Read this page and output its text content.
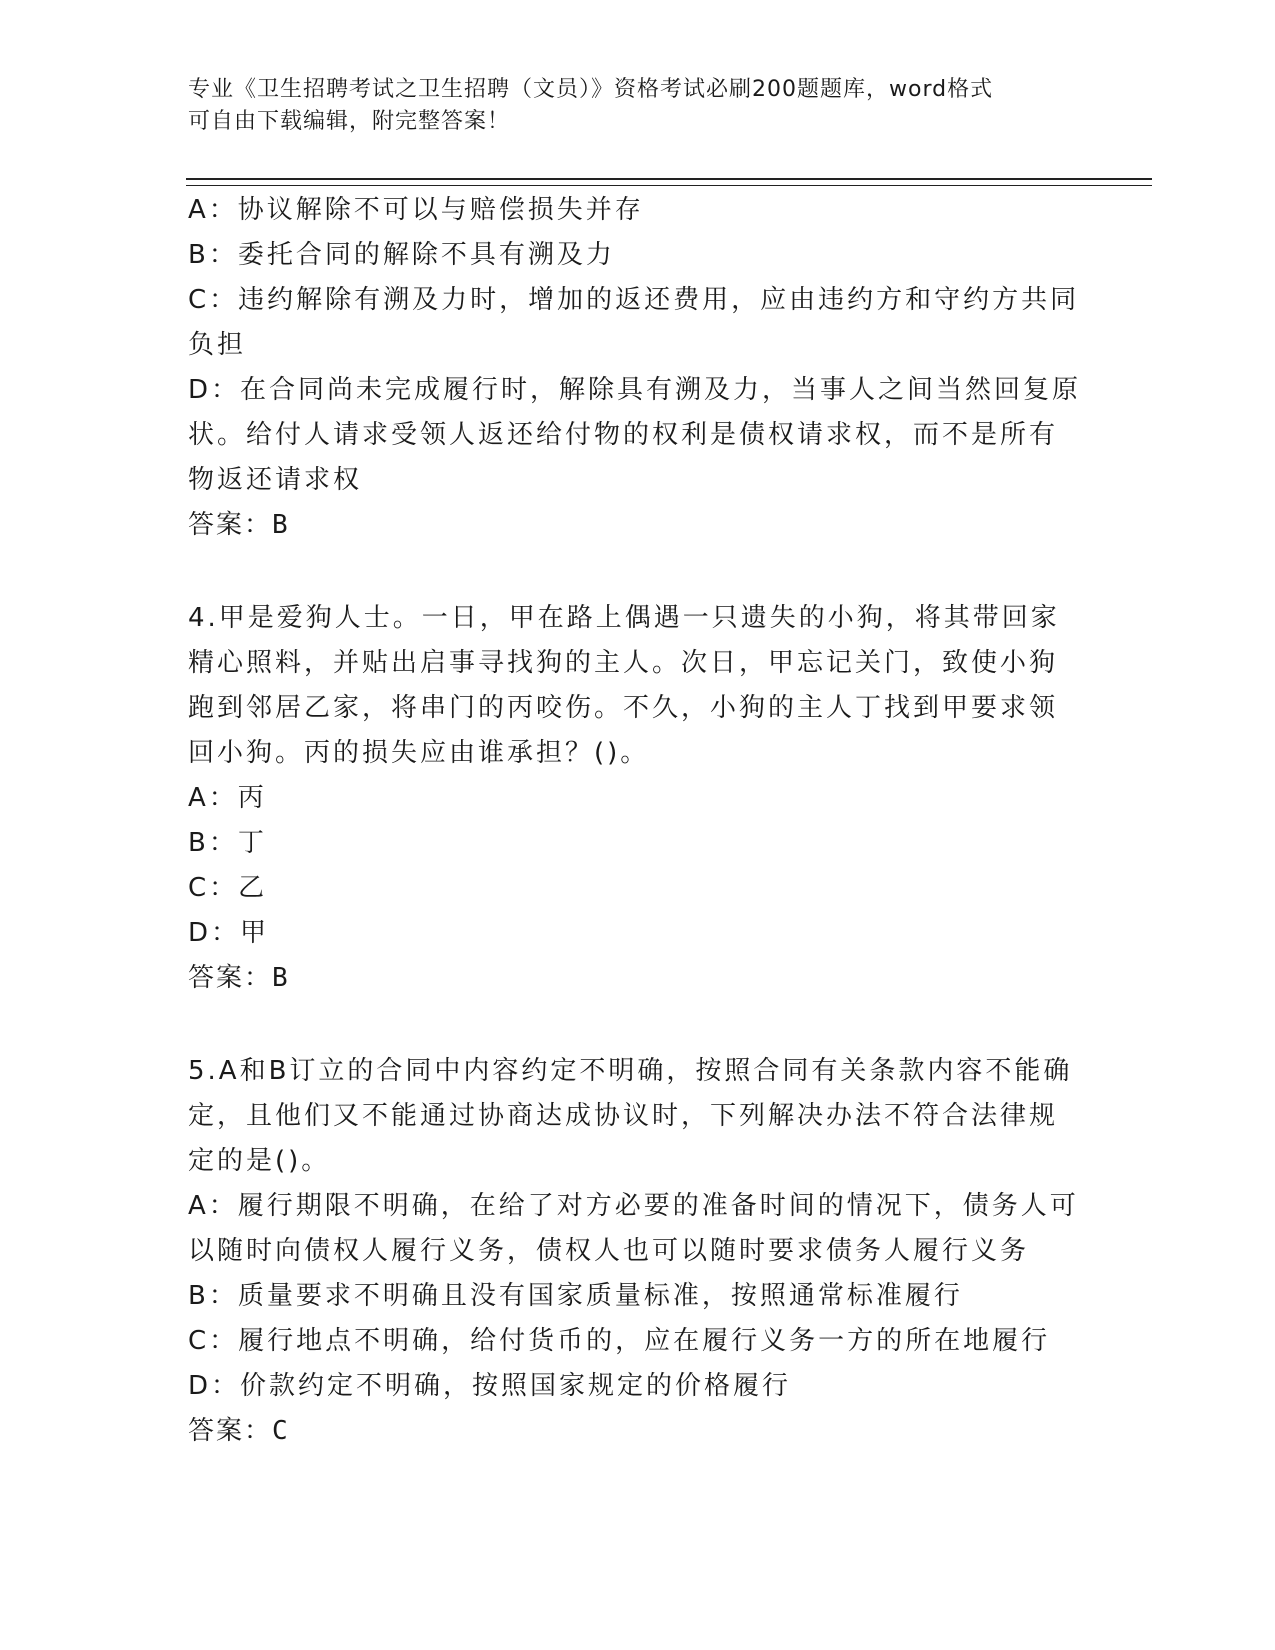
专业《卫生招聘考试之卫生招聘（文员）》资格考试必刷200题题库，word格式
可自由下载编辑，附完整答案！
A：协议解除不可以与赔偿损失并存
B：委托合同的解除不具有溯及力
C：违约解除有溯及力时，增加的返还费用，应由违约方和守约方共同
负担
D：在合同尚未完成履行时，解除具有溯及力，当事人之间当然回复原
状。给付人请求受领人返还给付物的权利是债权请求权，而不是所有
物返还请求权
答案：B
4.甲是爱狗人士。一日，甲在路上偶遇一只遗失的小狗，将其带回家
精心照料，并贴出启事寻找狗的主人。次日，甲忘记关门，致使小狗
跑到邻居乙家，将串门的丙咬伤。不久，小狗的主人丁找到甲要求领
回小狗。丙的损失应由谁承担？()。
A：丙
B：丁
C：乙
D：甲
答案：B
5.A和B订立的合同中内容约定不明确，按照合同有关条款内容不能确
定，且他们又不能通过协商达成协议时，下列解决办法不符合法律规
定的是()。
A：履行期限不明确，在给了对方必要的准备时间的情况下，债务人可
以随时向债权人履行义务，债权人也可以随时要求债务人履行义务
B：质量要求不明确且没有国家质量标准，按照通常标准履行
C：履行地点不明确，给付货币的，应在履行义务一方的所在地履行
D：价款约定不明确，按照国家规定的价格履行
答案：C
